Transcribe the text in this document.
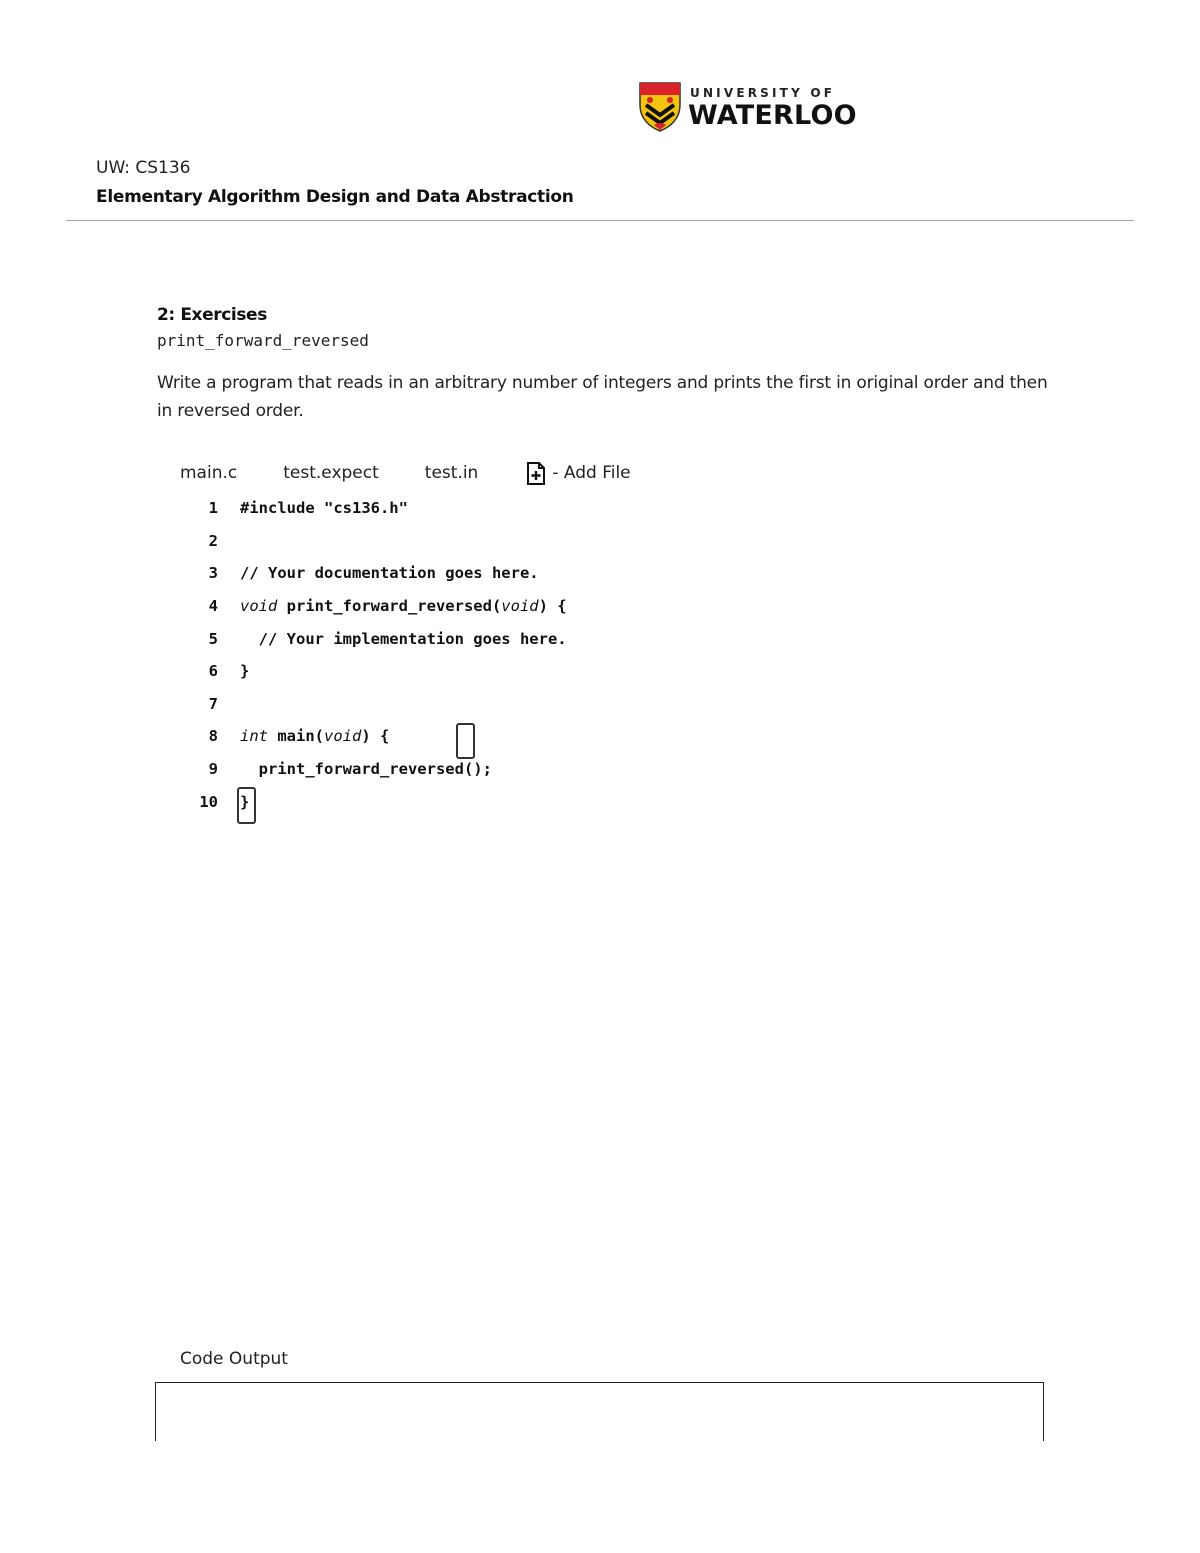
UNIVERSITY OF
WATERLOO
UW: CS136
Elementary Algorithm Design and Data Abstraction
2: Exercises
print_forward_reversed
Write a program that reads in an arbitrary number of integers and prints the first in original order and then in reversed order.
main.c	test.expect	test.in	- Add File
1 #include "cs136.h"
2
3 // Your documentation goes here.
4 void print_forward_reversed(void) {
5 // Your implementation goes here.
6 }
7
8 int main(void) {
9 print_forward_reversed();
10 }
Code Output
